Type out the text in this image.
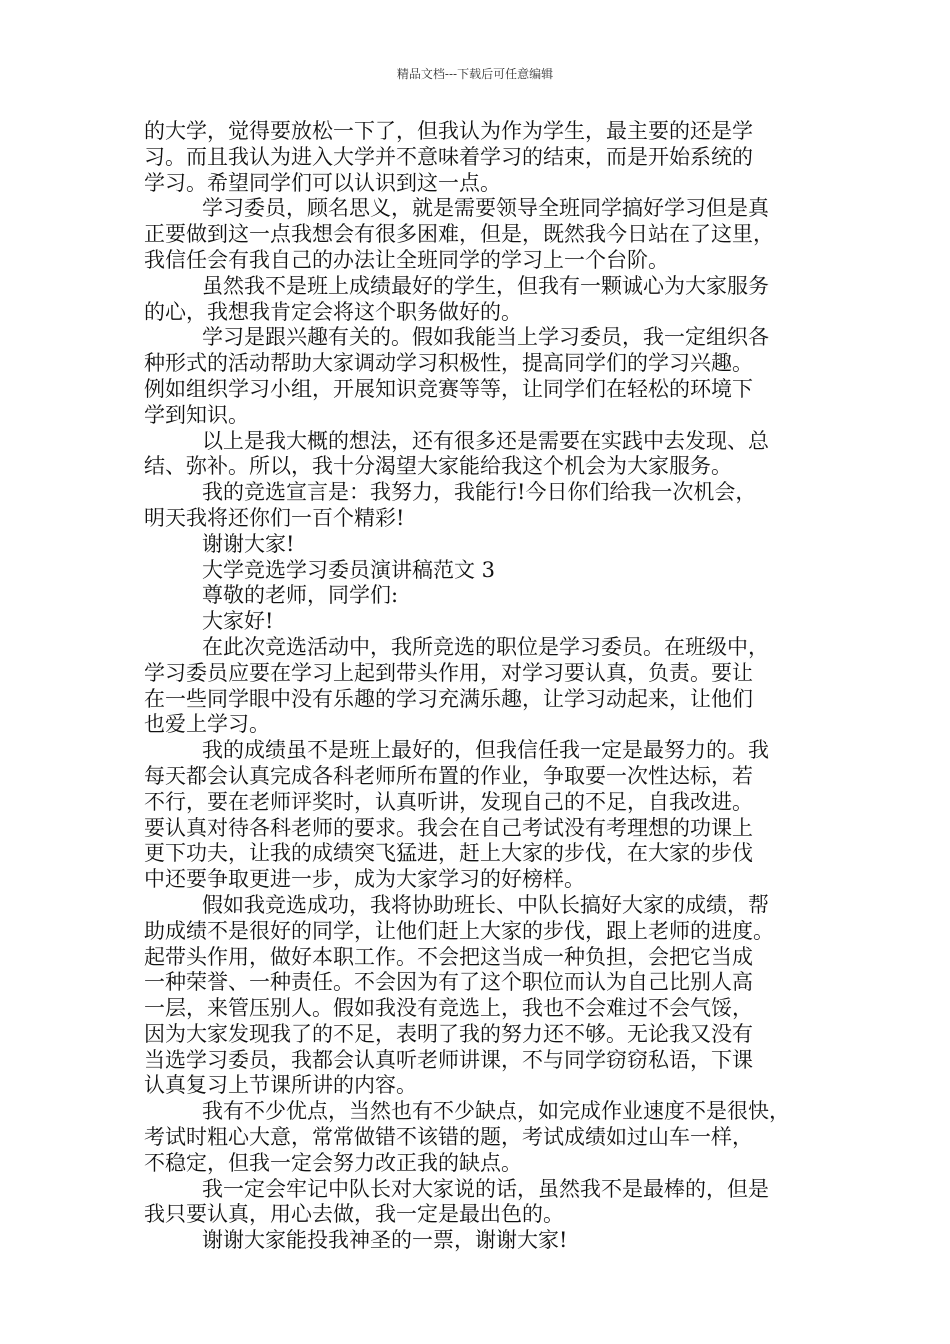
精品文档---下载后可任意编辑
的大学，觉得要放松一下了，但我认为作为学生，最主要的还是学
习。而且我认为进入大学并不意味着学习的结束，而是开始系统的
学习。希望同学们可以认识到这一点。
学习委员，顾名思义，就是需要领导全班同学搞好学习但是真
正要做到这一点我想会有很多困难，但是，既然我今日站在了这里，
我信任会有我自己的办法让全班同学的学习上一个台阶。
虽然我不是班上成绩最好的学生，但我有一颗诚心为大家服务
的心，我想我肯定会将这个职务做好的。
学习是跟兴趣有关的。假如我能当上学习委员，我一定组织各
种形式的活动帮助大家调动学习积极性，提高同学们的学习兴趣。
例如组织学习小组，开展知识竞赛等等，让同学们在轻松的环境下
学到知识。
以上是我大概的想法，还有很多还是需要在实践中去发现、总
结、弥补。所以，我十分渴望大家能给我这个机会为大家服务。
我的竞选宣言是：我努力，我能行!今日你们给我一次机会，
明天我将还你们一百个精彩!
谢谢大家!
大学竞选学习委员演讲稿范文 3
尊敬的老师，同学们:
大家好!
在此次竞选活动中，我所竞选的职位是学习委员。在班级中，
学习委员应要在学习上起到带头作用，对学习要认真，负责。要让
在一些同学眼中没有乐趣的学习充满乐趣，让学习动起来，让他们
也爱上学习。
我的成绩虽不是班上最好的，但我信任我一定是最努力的。我
每天都会认真完成各科老师所布置的作业，争取要一次性达标，若
不行，要在老师评奖时，认真听讲，发现自己的不足，自我改进。
要认真对待各科老师的要求。我会在自己考试没有考理想的功课上
更下功夫，让我的成绩突飞猛进，赶上大家的步伐，在大家的步伐
中还要争取更进一步，成为大家学习的好榜样。
假如我竞选成功，我将协助班长、中队长搞好大家的成绩，帮
助成绩不是很好的同学，让他们赶上大家的步伐，跟上老师的进度。
起带头作用，做好本职工作。不会把这当成一种负担，会把它当成
一种荣誉、一种责任。不会因为有了这个职位而认为自己比别人高
一层，来管压别人。假如我没有竞选上，我也不会难过不会气馁，
因为大家发现我了的不足，表明了我的努力还不够。无论我又没有
当选学习委员，我都会认真听老师讲课，不与同学窃窃私语，下课
认真复习上节课所讲的内容。
我有不少优点，当然也有不少缺点，如完成作业速度不是很快，
考试时粗心大意，常常做错不该错的题，考试成绩如过山车一样，
不稳定，但我一定会努力改正我的缺点。
我一定会牢记中队长对大家说的话，虽然我不是最棒的，但是
我只要认真，用心去做，我一定是最出色的。
谢谢大家能投我神圣的一票，谢谢大家!
